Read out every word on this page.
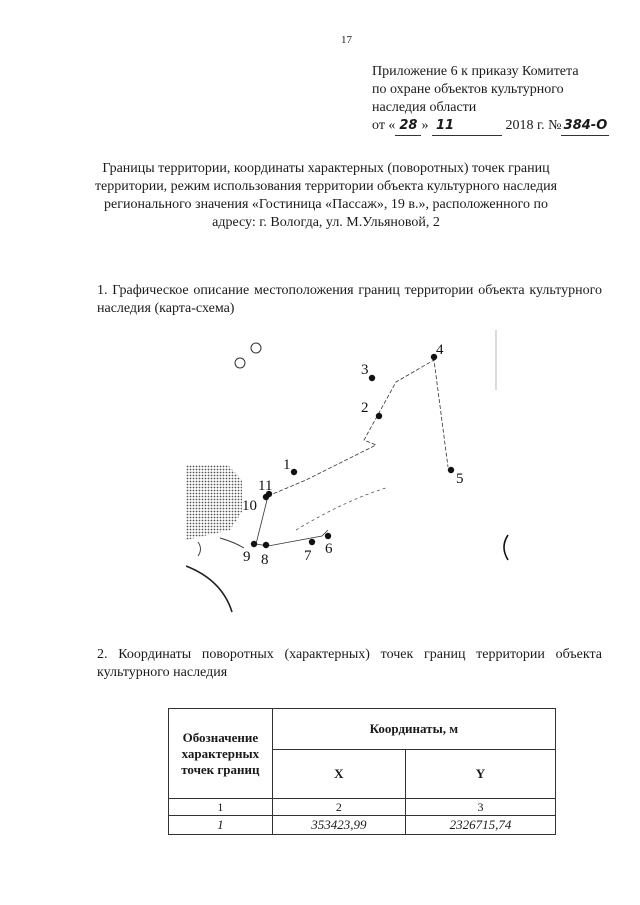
17
Приложение 6 к приказу Комитета
по охране объектов культурного
наследия области
от « 28 » 11	2018 г. № 384-О
Границы территории, координаты характерных (поворотных) точек границ территории, режим использования территории объекта культурного наследия регионального значения «Гостиница «Пассаж», 19 в.», расположенного по адресу: г. Вологда, ул. М.Ульяновой, 2
1. Графическое описание местоположения границ территории объекта культурного наследия (карта-схема)
1
2
3
4
5
6
7
8
9
10
11
2. Координаты поворотных (характерных) точек границ территории объекта культурного наследия
Обозначение характерных точек границ	Координаты, м	
	X	Y
1	2	3
1	353423,99	2326715,74
